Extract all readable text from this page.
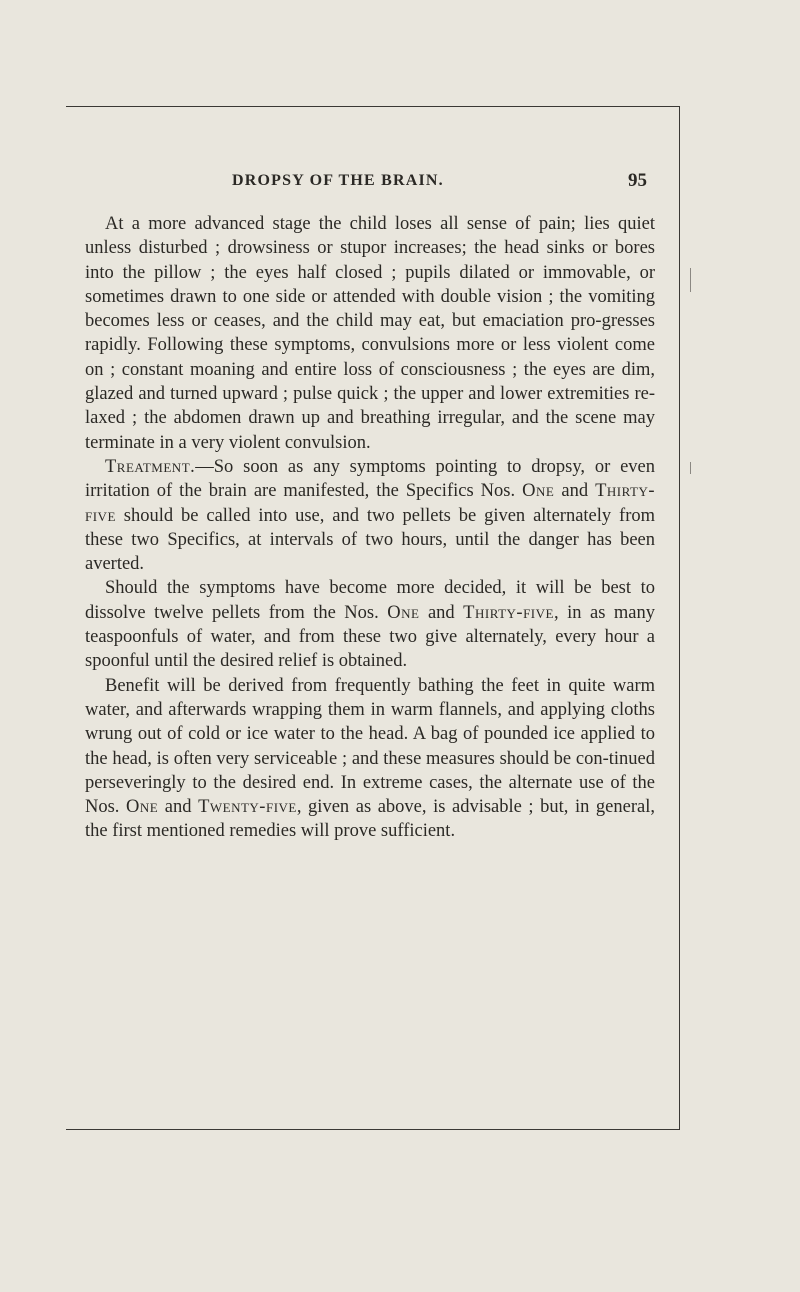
DROPSY OF THE BRAIN.	95

At a more advanced stage the child loses all sense of pain; lies quiet unless disturbed ; drowsiness or stupor increases; the head sinks or bores into the pillow ; the eyes half closed ; pupils dilated or immovable, or sometimes drawn to one side or attended with double vision ; the vomiting becomes less or ceases, and the child may eat, but emaciation pro-gresses rapidly. Following these symptoms, convulsions more or less violent come on ; constant moaning and entire loss of consciousness ; the eyes are dim, glazed and turned upward ; pulse quick ; the upper and lower extremities re-laxed ; the abdomen drawn up and breathing irregular, and the scene may terminate in a very violent convulsion.

Treatment.—So soon as any symptoms pointing to dropsy, or even irritation of the brain are manifested, the Specifics Nos. One and Thirty-five should be called into use, and two pellets be given alternately from these two Specifics, at intervals of two hours, until the danger has been averted.

Should the symptoms have become more decided, it will be best to dissolve twelve pellets from the Nos. One and Thirty-five, in as many teaspoonfuls of water, and from these two give alternately, every hour a spoonful until the desired relief is obtained.

Benefit will be derived from frequently bathing the feet in quite warm water, and afterwards wrapping them in warm flannels, and applying cloths wrung out of cold or ice water to the head. A bag of pounded ice applied to the head, is often very serviceable ; and these measures should be con-tinued perseveringly to the desired end. In extreme cases, the alternate use of the Nos. One and Twenty-five, given as above, is advisable ; but, in general, the first mentioned remedies will prove sufficient.
